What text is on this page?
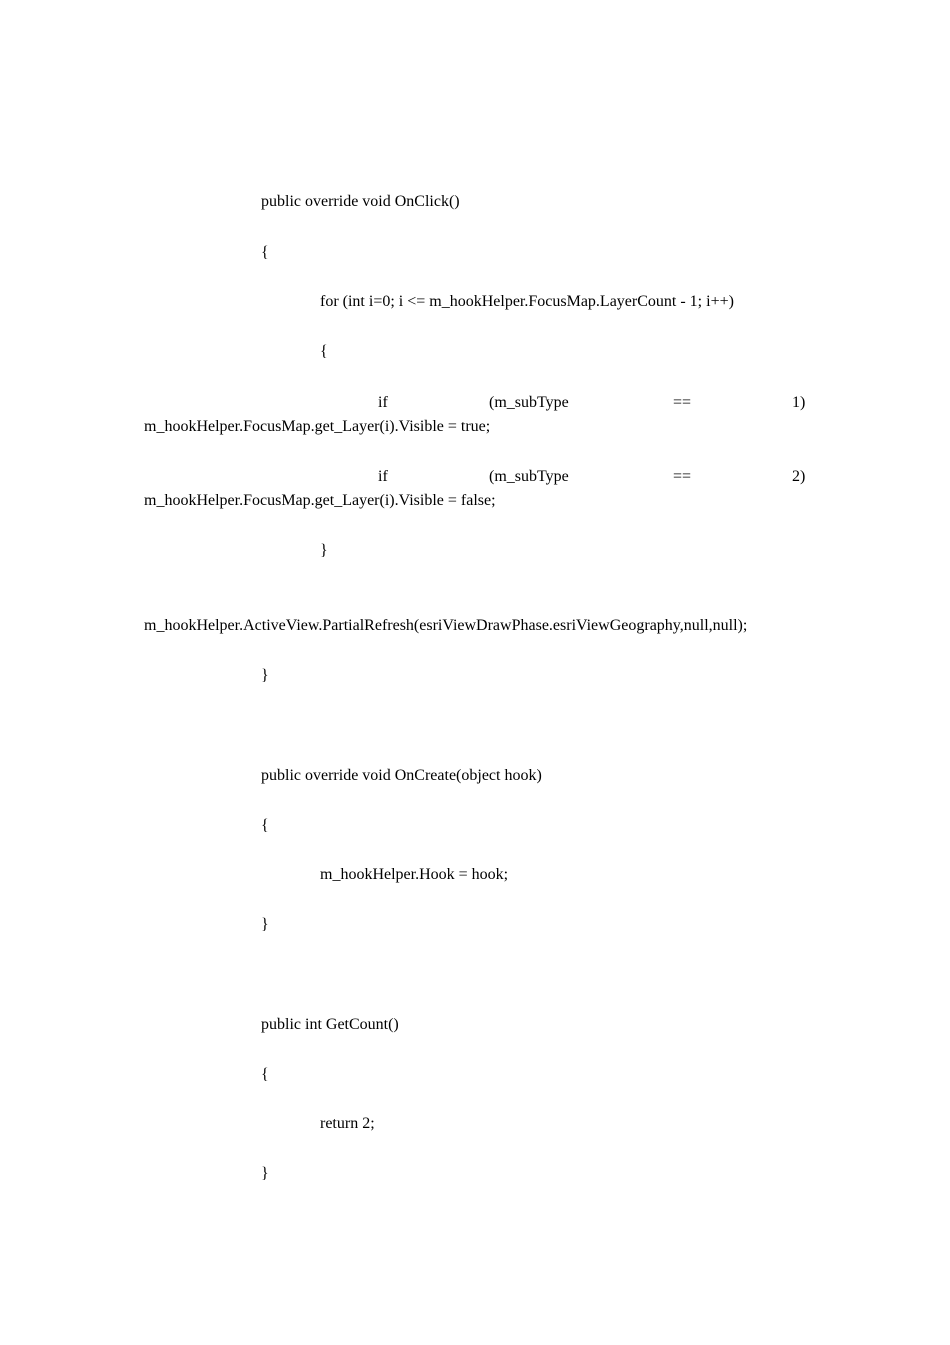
public override void OnClick()
{
for (int i=0; i <= m_hookHelper.FocusMap.LayerCount - 1; i++)
{
if	(m_subType	==	1)
m_hookHelper.FocusMap.get_Layer(i).Visible = true;
if	(m_subType	==	2)
m_hookHelper.FocusMap.get_Layer(i).Visible = false;
}
m_hookHelper.ActiveView.PartialRefresh(esriViewDrawPhase.esriViewGeography,null,null);
}
public override void OnCreate(object hook)
{
m_hookHelper.Hook = hook;
}
public int GetCount()
{
return 2;
}
